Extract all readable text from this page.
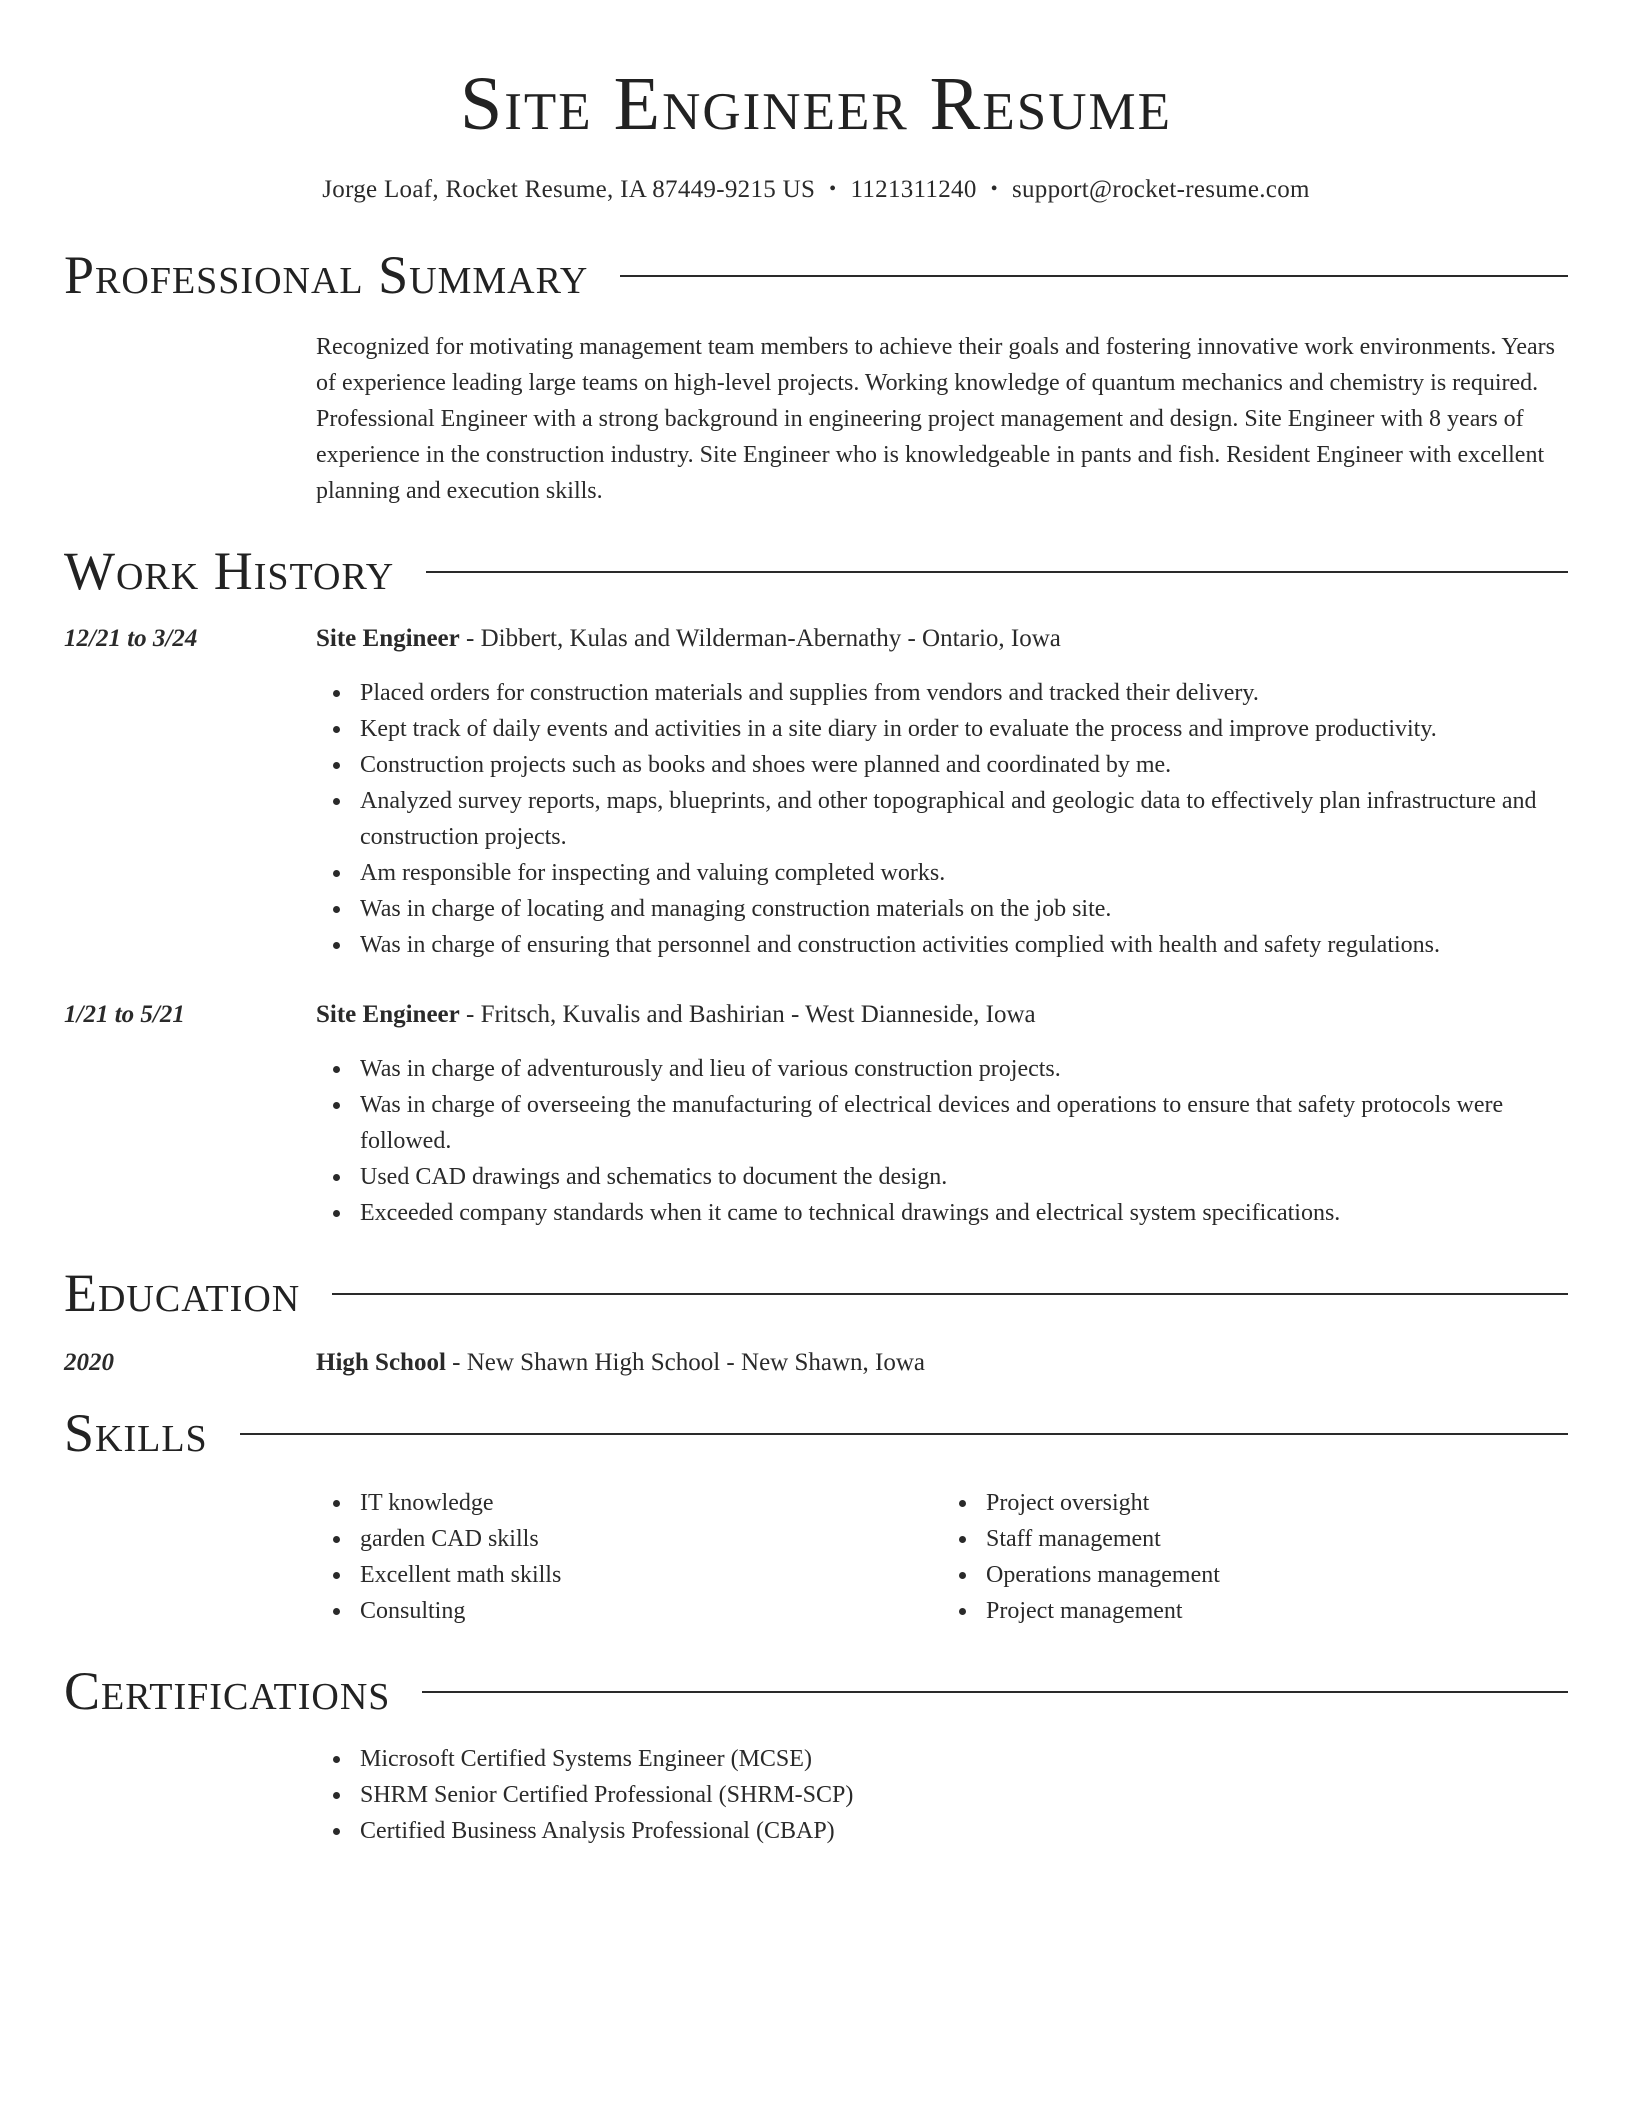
Site Engineer Resume
Jorge Loaf, Rocket Resume, IA 87449-9215 US • 1121311240 • support@rocket-resume.com
Professional Summary
Recognized for motivating management team members to achieve their goals and fostering innovative work environments. Years of experience leading large teams on high-level projects. Working knowledge of quantum mechanics and chemistry is required. Professional Engineer with a strong background in engineering project management and design. Site Engineer with 8 years of experience in the construction industry. Site Engineer who is knowledgeable in pants and fish. Resident Engineer with excellent planning and execution skills.
Work History
12/21 to 3/24	Site Engineer - Dibbert, Kulas and Wilderman-Abernathy - Ontario, Iowa
Placed orders for construction materials and supplies from vendors and tracked their delivery.
Kept track of daily events and activities in a site diary in order to evaluate the process and improve productivity.
Construction projects such as books and shoes were planned and coordinated by me.
Analyzed survey reports, maps, blueprints, and other topographical and geologic data to effectively plan infrastructure and construction projects.
Am responsible for inspecting and valuing completed works.
Was in charge of locating and managing construction materials on the job site.
Was in charge of ensuring that personnel and construction activities complied with health and safety regulations.
1/21 to 5/21	Site Engineer - Fritsch, Kuvalis and Bashirian - West Dianneside, Iowa
Was in charge of adventurously and lieu of various construction projects.
Was in charge of overseeing the manufacturing of electrical devices and operations to ensure that safety protocols were followed.
Used CAD drawings and schematics to document the design.
Exceeded company standards when it came to technical drawings and electrical system specifications.
Education
2020	High School - New Shawn High School - New Shawn, Iowa
Skills
IT knowledge
garden CAD skills
Excellent math skills
Consulting
Project oversight
Staff management
Operations management
Project management
Certifications
Microsoft Certified Systems Engineer (MCSE)
SHRM Senior Certified Professional (SHRM-SCP)
Certified Business Analysis Professional (CBAP)
